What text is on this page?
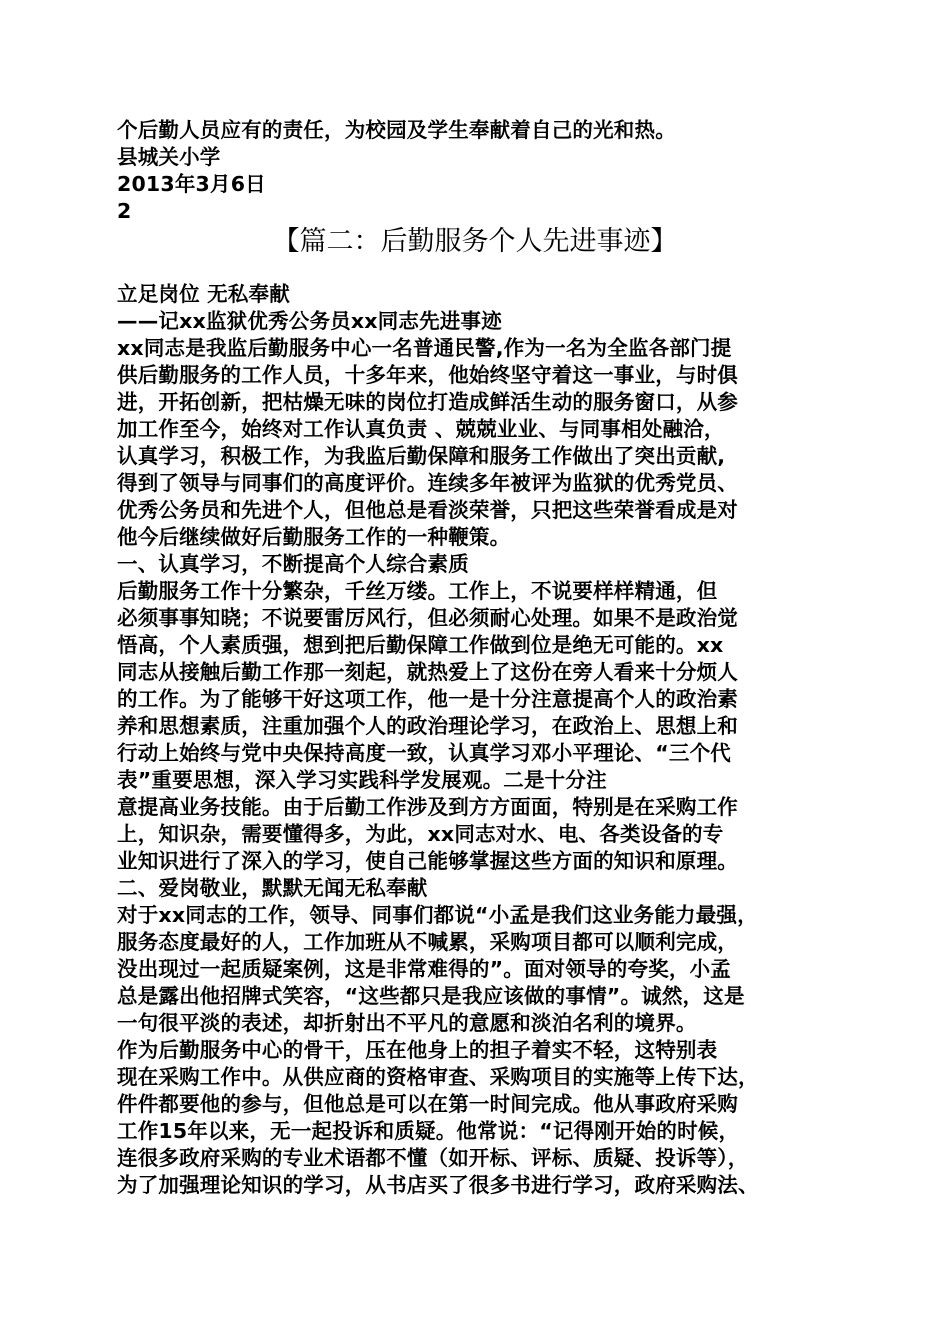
个后勤人员应有的责任，为校园及学生奉献着自己的光和热。
县城关小学
2013年3月6日
2
【篇二：后勤服务个人先进事迹】
立足岗位 无私奉献
——记xx监狱优秀公务员xx同志先进事迹
xx同志是我监后勤服务中心一名普通民警,作为一名为全监各部门提
供后勤服务的工作人员，十多年来，他始终坚守着这一事业，与时俱
进，开拓创新，把枯燥无味的岗位打造成鲜活生动的服务窗口，从参
加工作至今，始终对工作认真负责 、兢兢业业、与同事相处融洽，
认真学习，积极工作，为我监后勤保障和服务工作做出了突出贡献,
得到了领导与同事们的高度评价。连续多年被评为监狱的优秀党员、
优秀公务员和先进个人，但他总是看淡荣誉，只把这些荣誉看成是对
他今后继续做好后勤服务工作的一种鞭策。
一、认真学习，不断提高个人综合素质
后勤服务工作十分繁杂，千丝万缕。工作上，不说要样样精通，但
必须事事知晓；不说要雷厉风行，但必须耐心处理。如果不是政治觉
悟高，个人素质强，想到把后勤保障工作做到位是绝无可能的。xx
同志从接触后勤工作那一刻起，就热爱上了这份在旁人看来十分烦人
的工作。为了能够干好这项工作，他一是十分注意提高个人的政治素
养和思想素质，注重加强个人的政治理论学习，在政治上、思想上和
行动上始终与党中央保持高度一致，认真学习邓小平理论、“三个代
表”重要思想，深入学习实践科学发展观。二是十分注
意提高业务技能。由于后勤工作涉及到方方面面，特别是在采购工作
上，知识杂，需要懂得多，为此，xx同志对水、电、各类设备的专
业知识进行了深入的学习，使自己能够掌握这些方面的知识和原理。
二、爱岗敬业，默默无闻无私奉献
对于xx同志的工作，领导、同事们都说“小孟是我们这业务能力最强，
服务态度最好的人，工作加班从不喊累，采购项目都可以顺利完成，
没出现过一起质疑案例，这是非常难得的”。面对领导的夸奖，小孟
总是露出他招牌式笑容，“这些都只是我应该做的事情”。诚然，这是
一句很平淡的表述，却折射出不平凡的意愿和淡泊名利的境界。
作为后勤服务中心的骨干，压在他身上的担子着实不轻，这特别表
现在采购工作中。从供应商的资格审查、采购项目的实施等上传下达，
件件都要他的参与，但他总是可以在第一时间完成。他从事政府采购
工作15年以来，无一起投诉和质疑。他常说：“记得刚开始的时候，
连很多政府采购的专业术语都不懂（如开标、评标、质疑、投诉等），
为了加强理论知识的学习，从书店买了很多书进行学习，政府采购法、
